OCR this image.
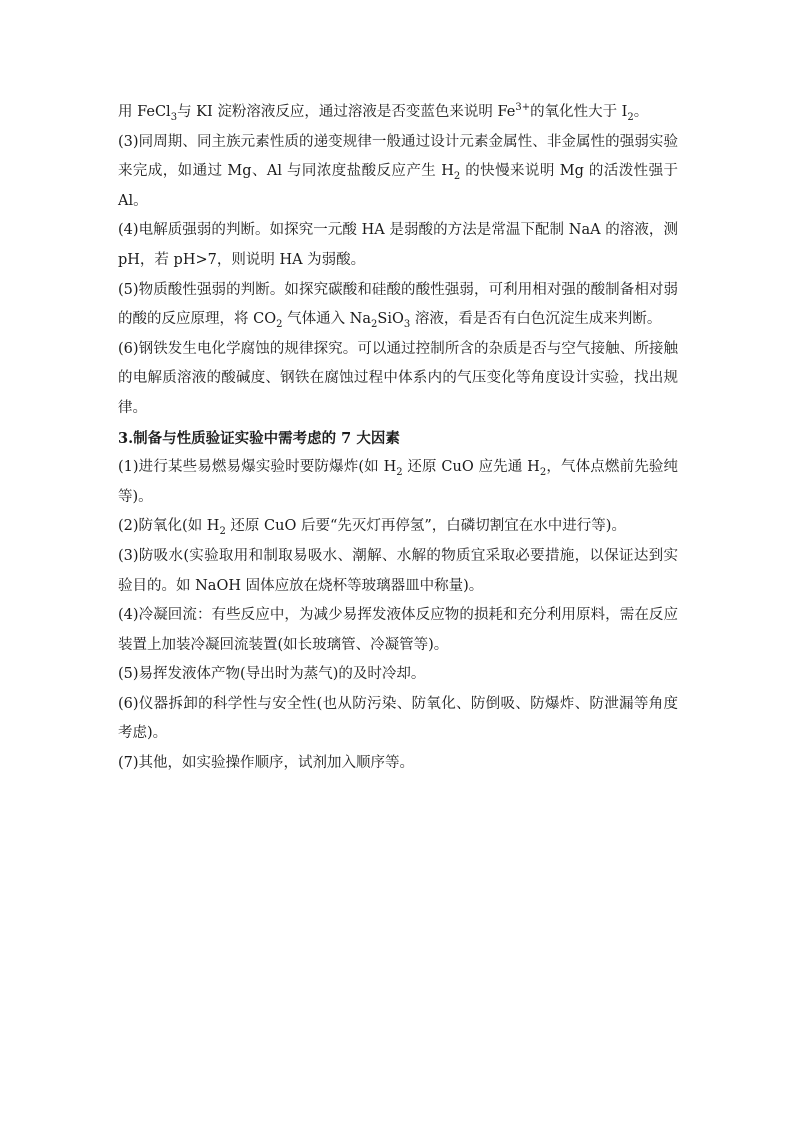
用 FeCl$_3$与 KI 淀粉溶液反应，通过溶液是否变蓝色来说明 $Fe^{3+}$的氧化性大于 $I_2$。

(3)同周期、同主族元素性质的递变规律一般通过设计元素金属性、非金属性的强弱实验来完成，如通过 Mg、Al 与同浓度盐酸反应产生 $H_2$ 的快慢来说明 Mg 的活泼性强于 Al。

(4)电解质强弱的判断。如探究一元酸 HA 是弱酸的方法是常温下配制 NaA 的溶液，测 pH，若 pH>7，则说明 HA 为弱酸。

(5)物质酸性强弱的判断。如探究碳酸和硅酸的酸性强弱，可利用相对强的酸制备相对弱的酸的反应原理，将 $CO_2$ 气体通入 $Na_2SiO_3$ 溶液，看是否有白色沉淀生成来判断。

(6)钢铁发生电化学腐蚀的规律探究。可以通过控制所含的杂质是否与空气接触、所接触的电解质溶液的酸碱度、钢铁在腐蚀过程中体系内的气压变化等角度设计实验，找出规律。

3.制备与性质验证实验中需考虑的 7 大因素

(1)进行某些易燃易爆实验时要防爆炸(如 $H_2$ 还原 CuO 应先通 $H_2$，气体点燃前先验纯等)。

(2)防氧化(如 $H_2$ 还原 CuO 后要“先灭灯再停氢”，白磷切割宜在水中进行等)。

(3)防吸水(实验取用和制取易吸水、潮解、水解的物质宜采取必要措施，以保证达到实验目的。如 NaOH 固体应放在烧杯等玻璃器皿中称量)。

(4)冷凝回流：有些反应中，为减少易挥发液体反应物的损耗和充分利用原料，需在反应装置上加装冷凝回流装置(如长玻璃管、冷凝管等)。

(5)易挥发液体产物(导出时为蒸气)的及时冷却。

(6)仪器拆卸的科学性与安全性(也从防污染、防氧化、防倒吸、防爆炸、防泄漏等角度考虑)。

(7)其他，如实验操作顺序，试剂加入顺序等。
